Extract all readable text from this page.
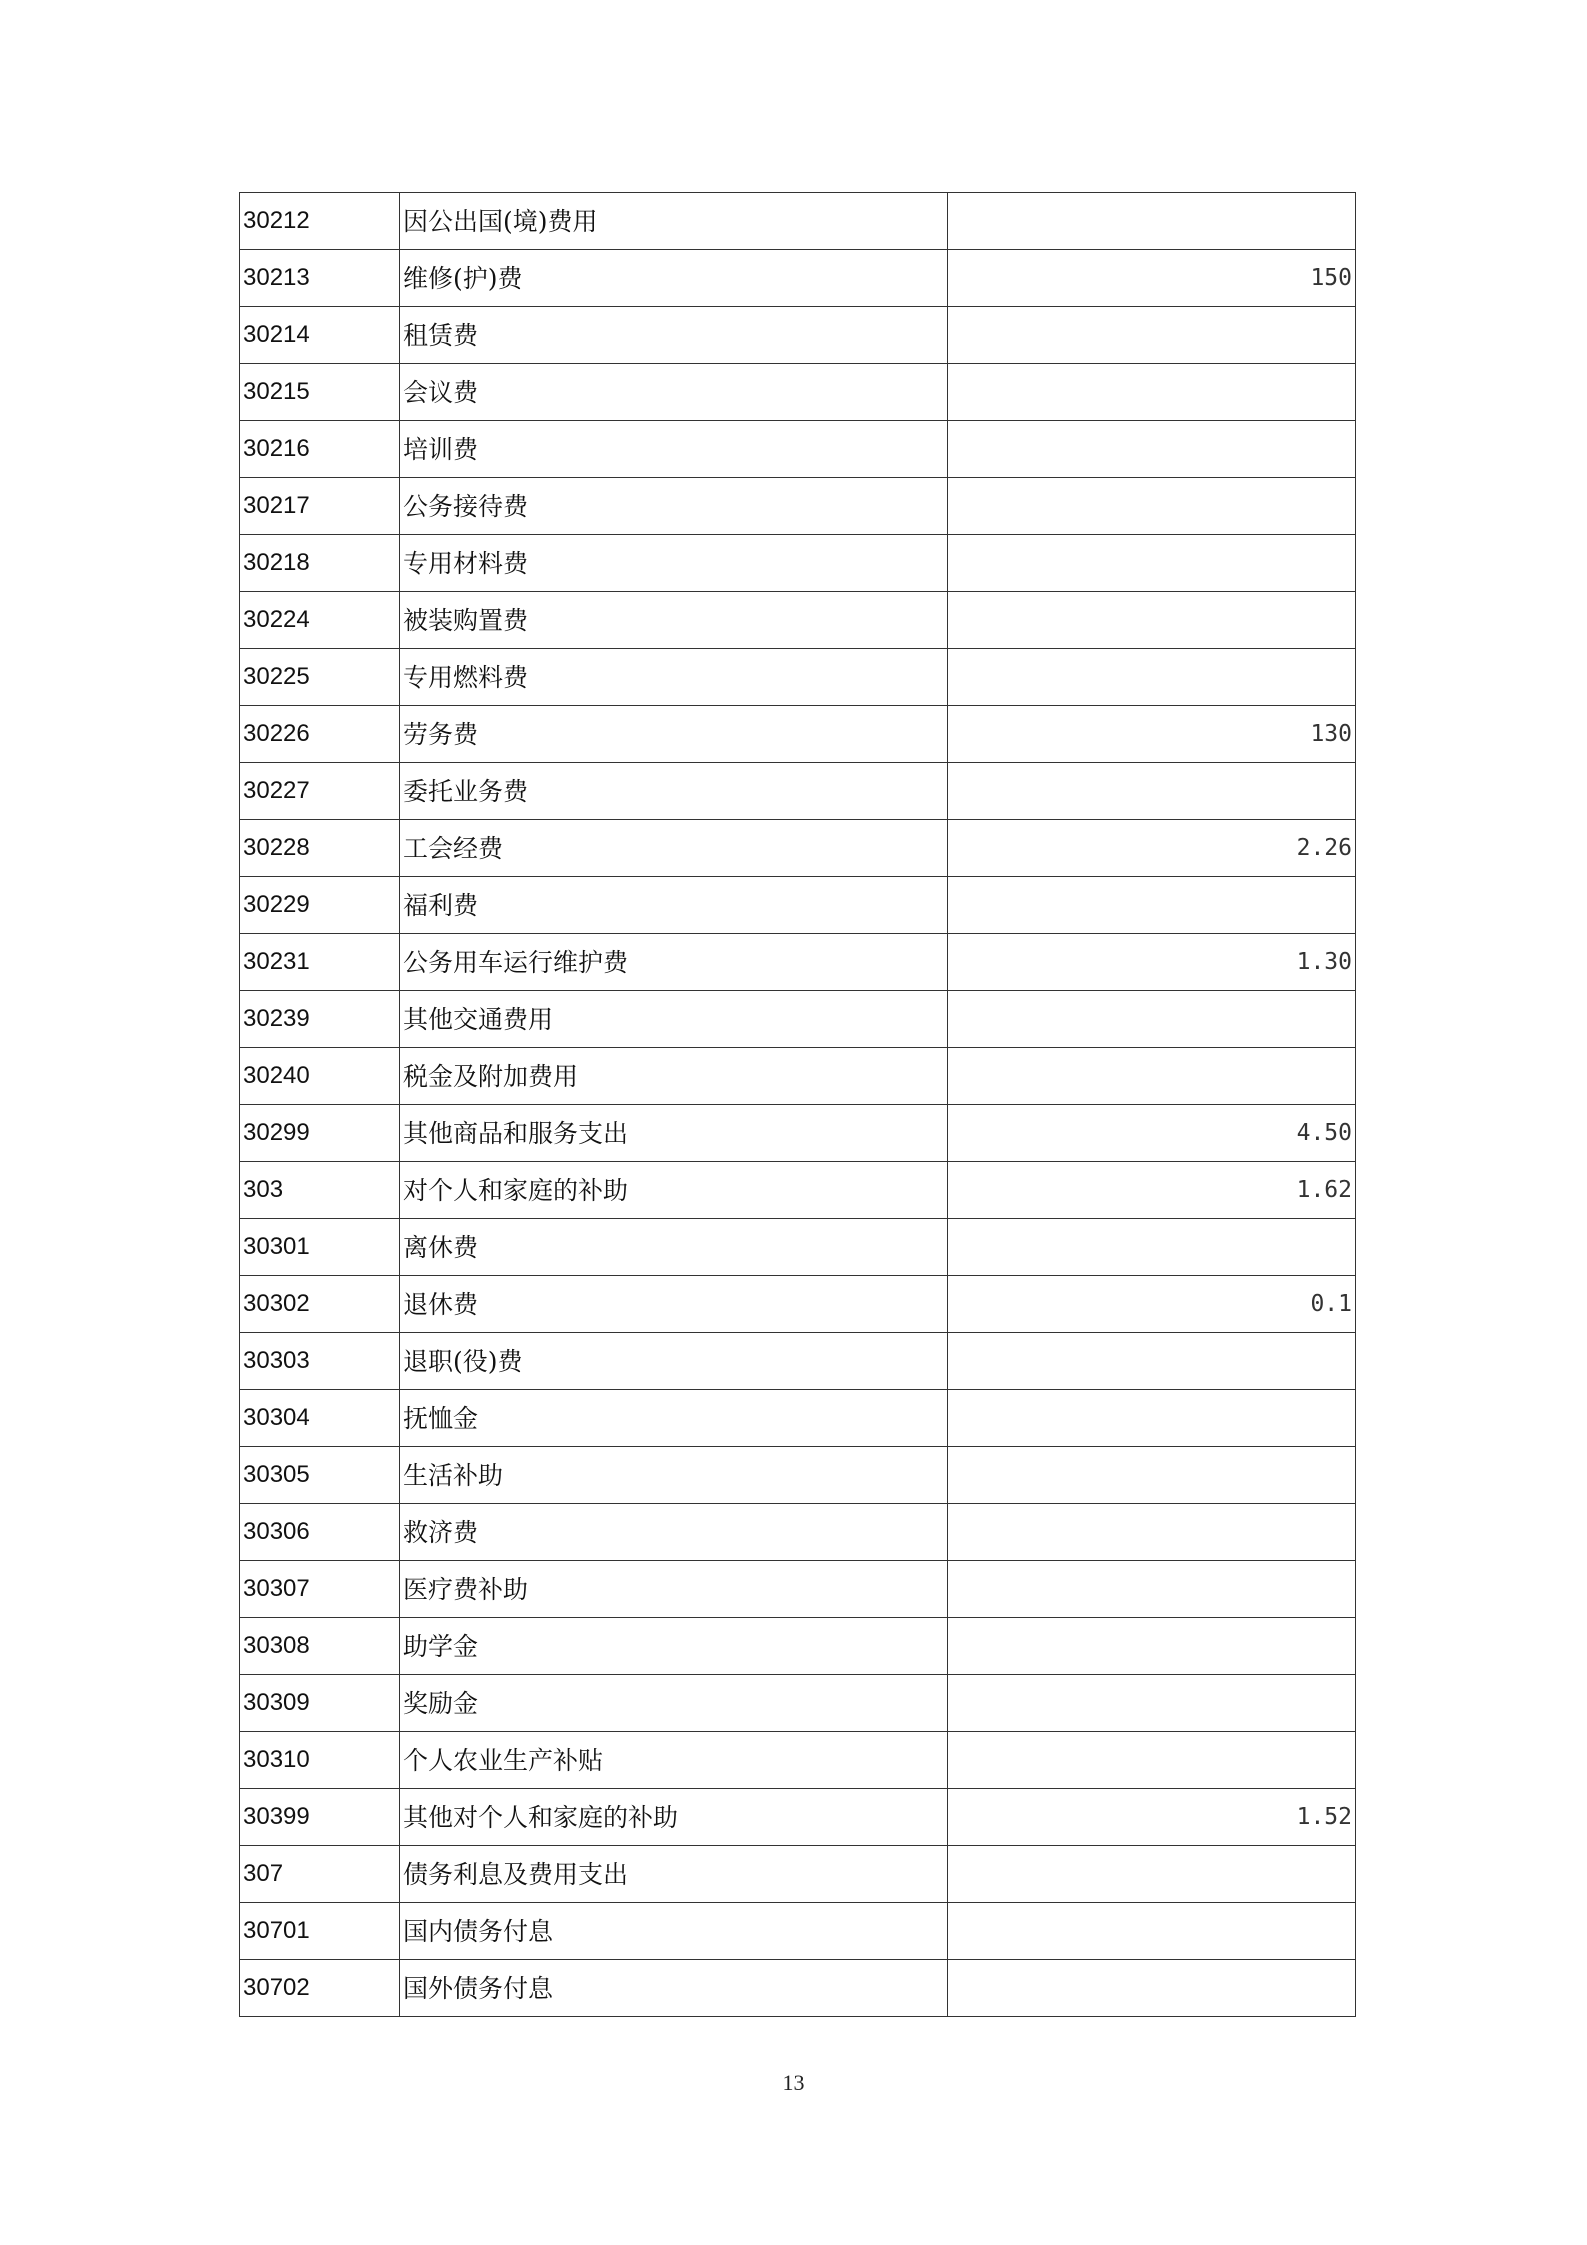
30212	因公出国(境)费用	
30213	维修(护)费	150
30214	租赁费	
30215	会议费	
30216	培训费	
30217	公务接待费	
30218	专用材料费	
30224	被装购置费	
30225	专用燃料费	
30226	劳务费	130
30227	委托业务费	
30228	工会经费	2.26
30229	福利费	
30231	公务用车运行维护费	1.30
30239	其他交通费用	
30240	税金及附加费用	
30299	其他商品和服务支出	4.50
303	对个人和家庭的补助	1.62
30301	离休费	
30302	退休费	0.1
30303	退职(役)费	
30304	抚恤金	
30305	生活补助	
30306	救济费	
30307	医疗费补助	
30308	助学金	
30309	奖励金	
30310	个人农业生产补贴	
30399	其他对个人和家庭的补助	1.52
307	债务利息及费用支出	
30701	国内债务付息	
30702	国外债务付息	
13
